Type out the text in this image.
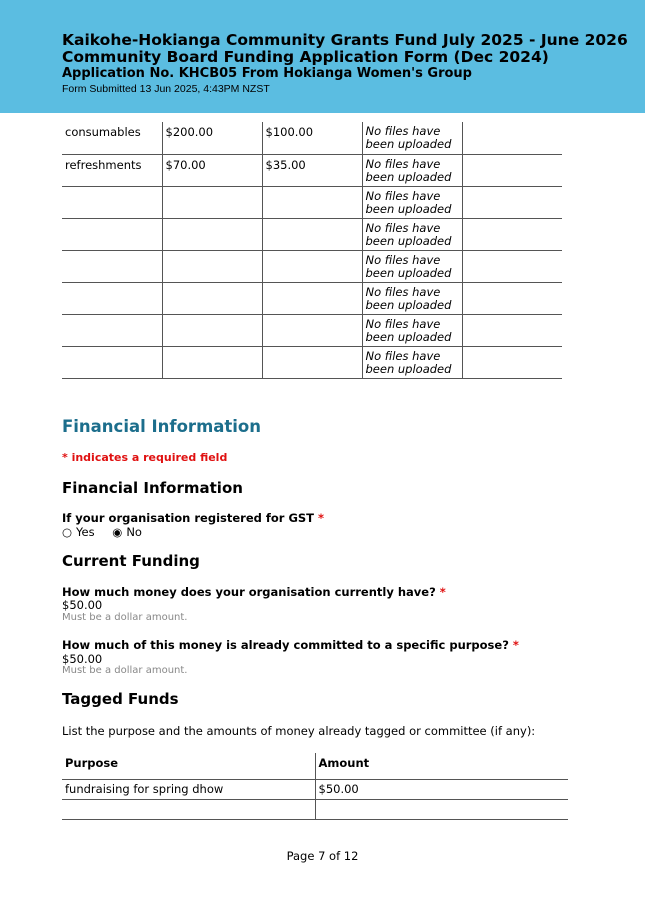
Kaikohe-Hokianga Community Grants Fund July 2025 - June 2026
Community Board Funding Application Form (Dec 2024)
Application No. KHCB05 From Hokianga Women's Group
Form Submitted 13 Jun 2025, 4:43PM NZST
consumables	$200.00	$100.00	No files have been uploaded	
refreshments	$70.00	$35.00	No files have been uploaded	
			No files have been uploaded	
			No files have been uploaded	
			No files have been uploaded	
			No files have been uploaded	
			No files have been uploaded	
			No files have been uploaded	
Financial Information
* indicates a required field
Financial Information
If your organisation registered for GST *
○ Yes ◉ No
Current Funding
How much money does your organisation currently have? *
$50.00
Must be a dollar amount.
How much of this money is already committed to a specific purpose? *
$50.00
Must be a dollar amount.
Tagged Funds
List the purpose and the amounts of money already tagged or committee (if any):
Purpose	Amount
fundraising for spring dhow	$50.00

Page 7 of 12
